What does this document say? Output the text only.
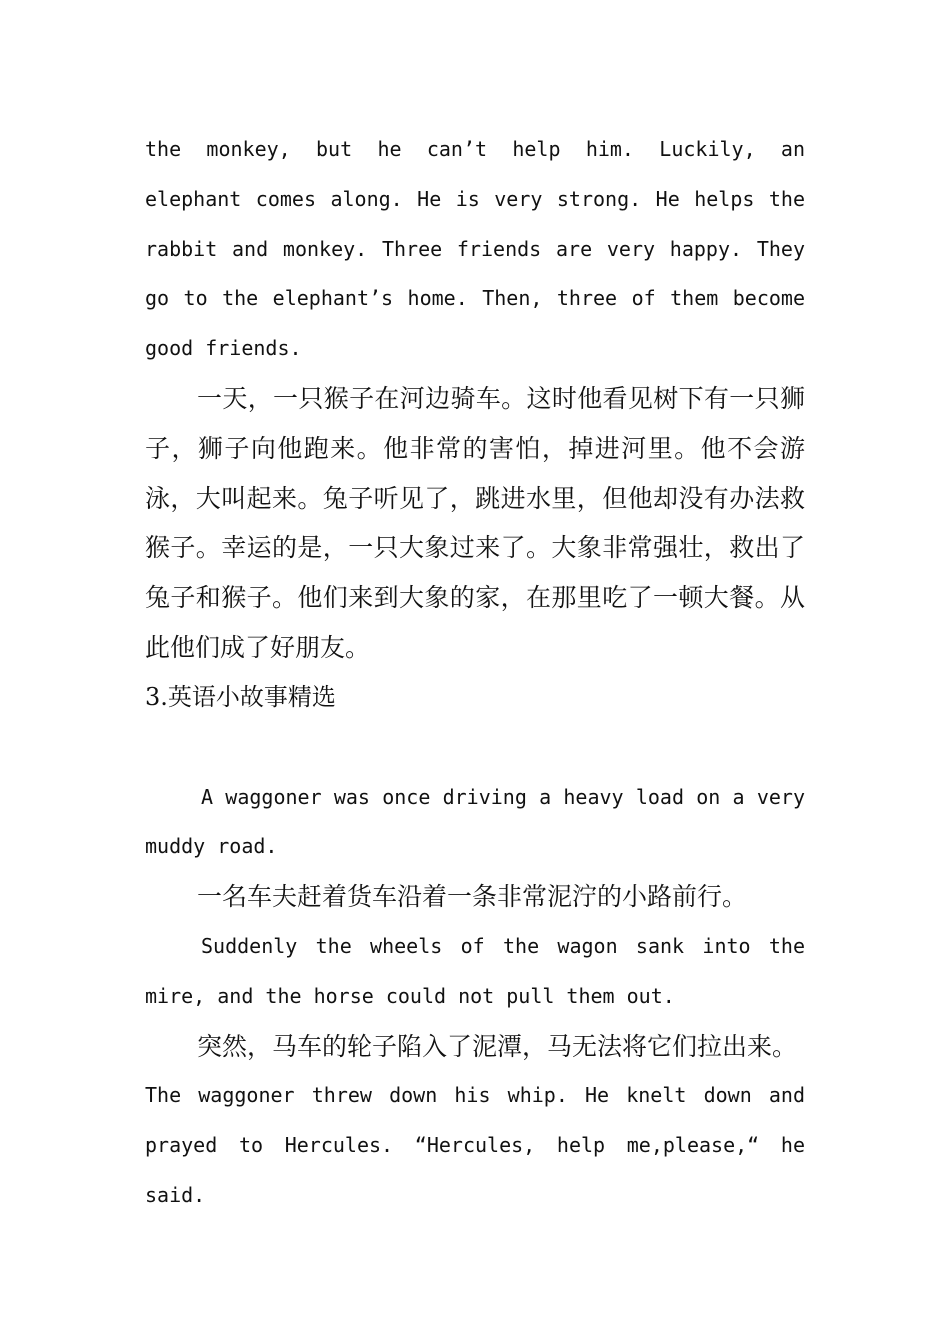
the monkey, but he can’t help him. Luckily, an elephant comes along. He is very strong. He helps the rabbit and monkey. Three friends are very happy. They go to the elephant’s home. Then, three of them become good friends.

一天，一只猴子在河边骑车。这时他看见树下有一只狮子，狮子向他跑来。他非常的害怕，掉进河里。他不会游泳，大叫起来。兔子听见了，跳进水里，但他却没有办法救猴子。幸运的是，一只大象过来了。大象非常强壮，救出了兔子和猴子。他们来到大象的家，在那里吃了一顿大餐。从此他们成了好朋友。

3.英语小故事精选

A waggoner was once driving a heavy load on a very muddy road.

一名车夫赶着货车沿着一条非常泥泞的小路前行。

Suddenly the wheels of the wagon sank into the mire, and the horse could not pull them out.

突然，马车的轮子陷入了泥潭，马无法将它们拉出来。

The waggoner threw down his whip. He knelt down and prayed to Hercules. “Hercules, help me,please,“ he said.
